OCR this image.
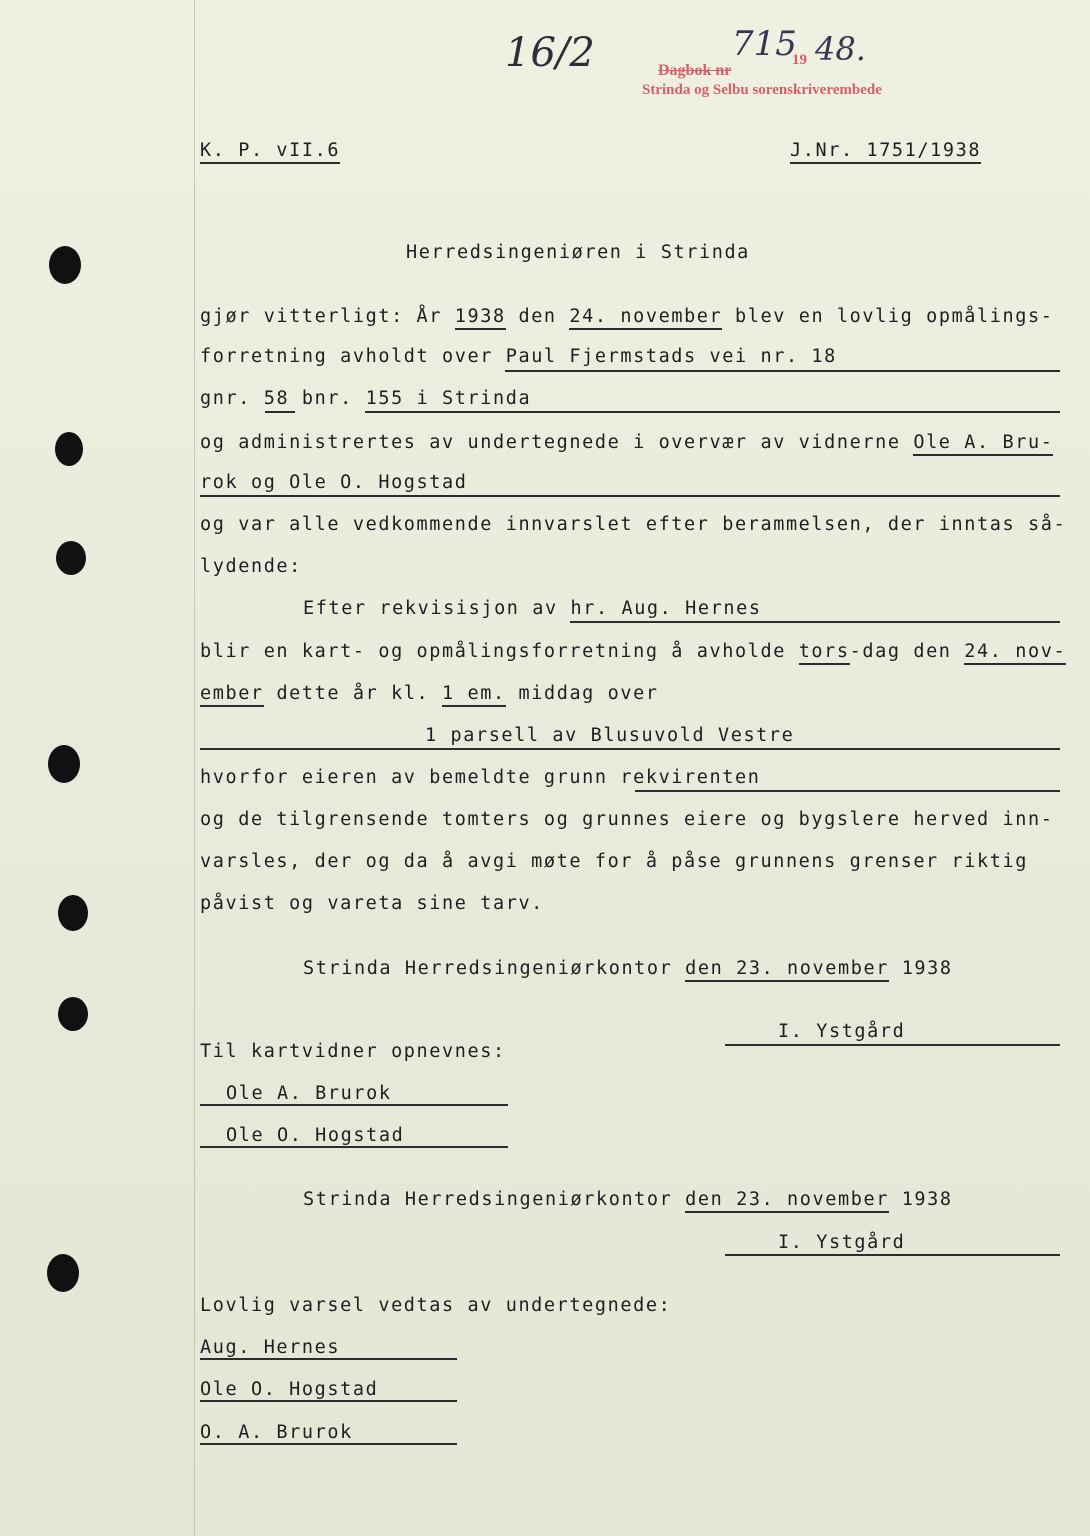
16/2	Dagbok nr

715
19 48.
Strinda og Selbu sorenskriverembede
K. P. vII.6	J.Nr. 1751/1938
Herredsingeniøren i Strinda
gjør vitterligt: År 1938 den 24. november blev en lovlig opmålings-
forretning avholdt over Paul Fjermstads vei nr. 18
gnr. 58 bnr. 155 i Strinda
og administrertes av undertegnede i overvær av vidnerne Ole A. Bru-
rok og Ole O. Hogstad
og var alle vedkommende innvarslet efter berammelsen, der inntas så-
lydende:
Efter rekvisisjon av hr. Aug. Hernes
blir en kart- og opmålingsforretning å avholde tors-dag den 24. nov-
ember dette år kl. 1 em. middag over
1 parsell av Blusuvold Vestre
hvorfor eieren av bemeldte grunn rekvirenten
og de tilgrensende tomters og grunnes eiere og bygslere herved inn-
varsles, der og da å avgi møte for å påse grunnens grenser riktig
påvist og vareta sine tarv.
Strinda Herredsingeniørkontor den 23. november 1938
I. Ystgård
Til kartvidner opnevnes:
Ole A. Brurok
Ole O. Hogstad
Strinda Herredsingeniørkontor den 23. november 1938
I. Ystgård
Lovlig varsel vedtas av undertegnede:
Aug. Hernes
Ole O. Hogstad
O. A. Brurok
